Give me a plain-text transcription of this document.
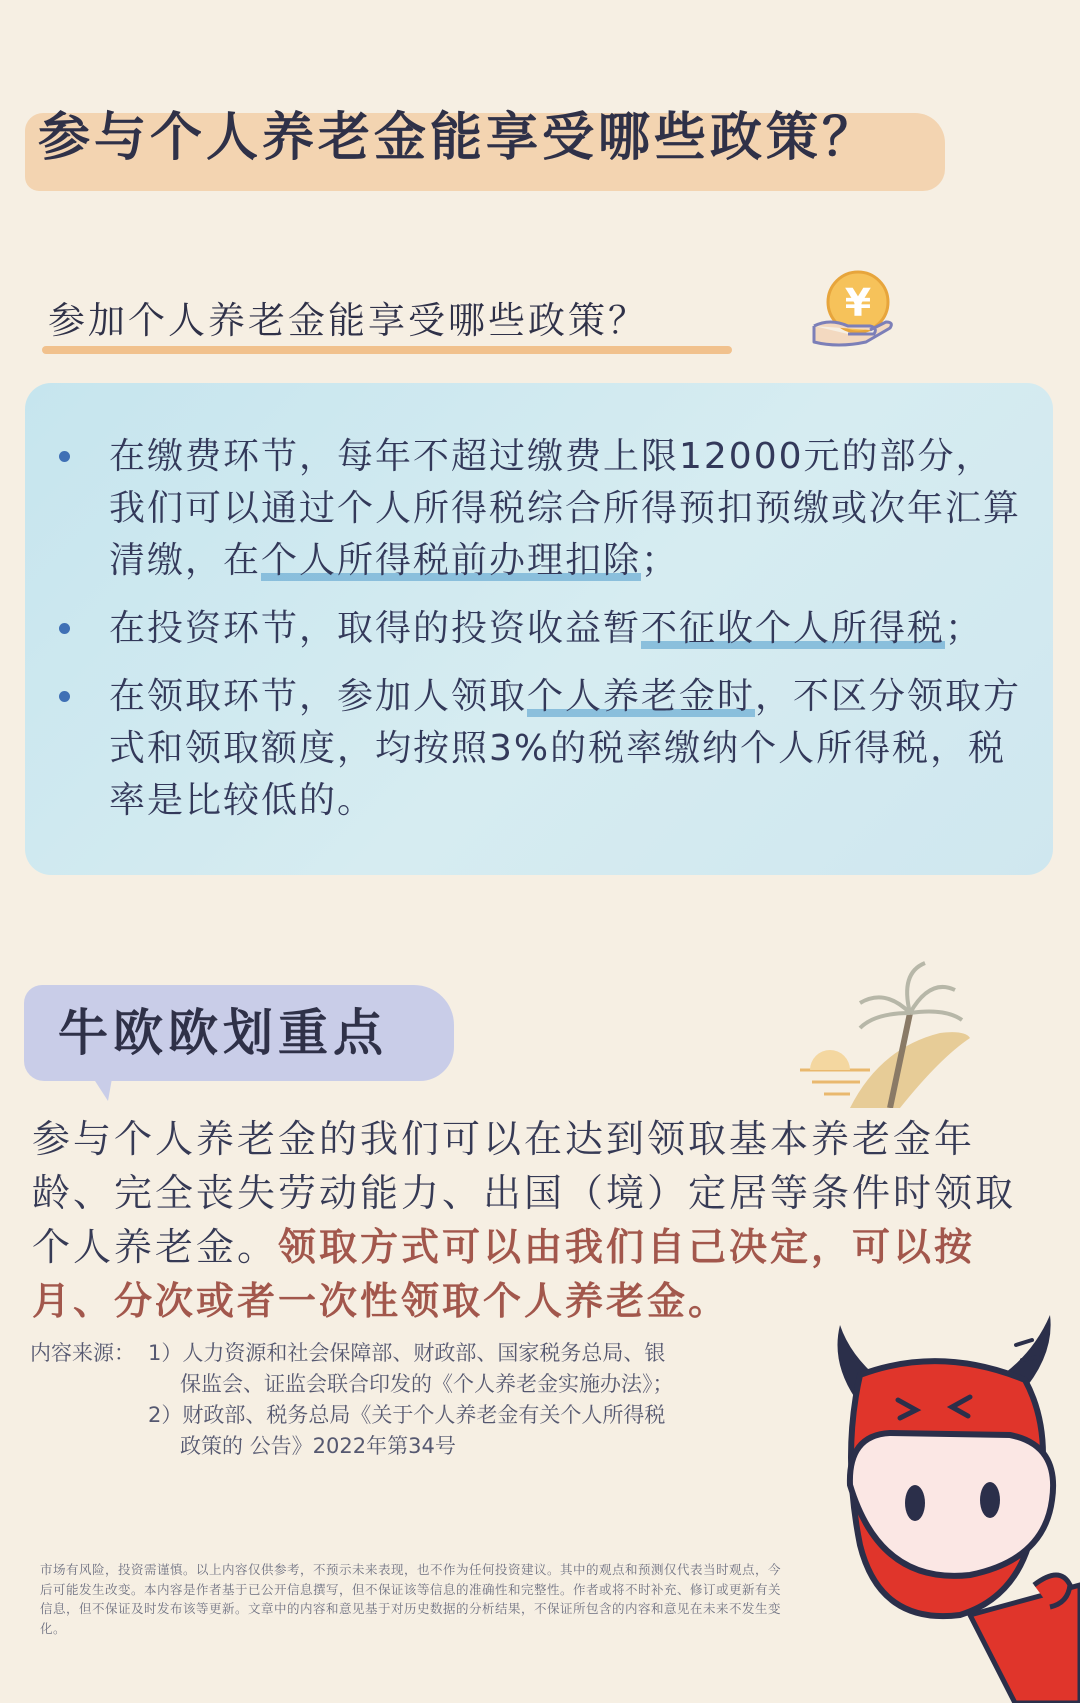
参与个人养老金能享受哪些政策？
参加个人养老金能享受哪些政策？	¥
在缴费环节，每年不超过缴费上限12000元的部分，我们可以通过个人所得税综合所得预扣预缴或次年汇算清缴，在个人所得税前办理扣除；
在投资环节，取得的投资收益暂不征收个人所得税；
在领取环节，参加人领取个人养老金时，不区分领取方式和领取额度，均按照3%的税率缴纳个人所得税，税率是比较低的。

牛欧欧划重点

参与个人养老金的我们可以在达到领取基本养老金年龄、完全丧失劳动能力、出国（境）定居等条件时领取个人养老金。领取方式可以由我们自己决定，可以按月、分次或者一次性领取个人养老金。

内容来源： 1）人力资源和社会保障部、财政部、国家税务总局、银
保监会、证监会联合印发的《个人养老金实施办法》；
2）财政部、税务总局《关于个人养老金有关个人所得税
政策的 公告》2022年第34号

市场有风险，投资需谨慎。以上内容仅供参考，不预示未来表现，也不作为任何投资建议。其中的观点和预测仅代表当时观点，今后可能发生改变。本内容是作者基于已公开信息撰写，但不保证该等信息的准确性和完整性。作者或将不时补充、修订或更新有关信息，但不保证及时发布该等更新。文章中的内容和意见基于对历史数据的分析结果，不保证所包含的内容和意见在未来不发生变化。
